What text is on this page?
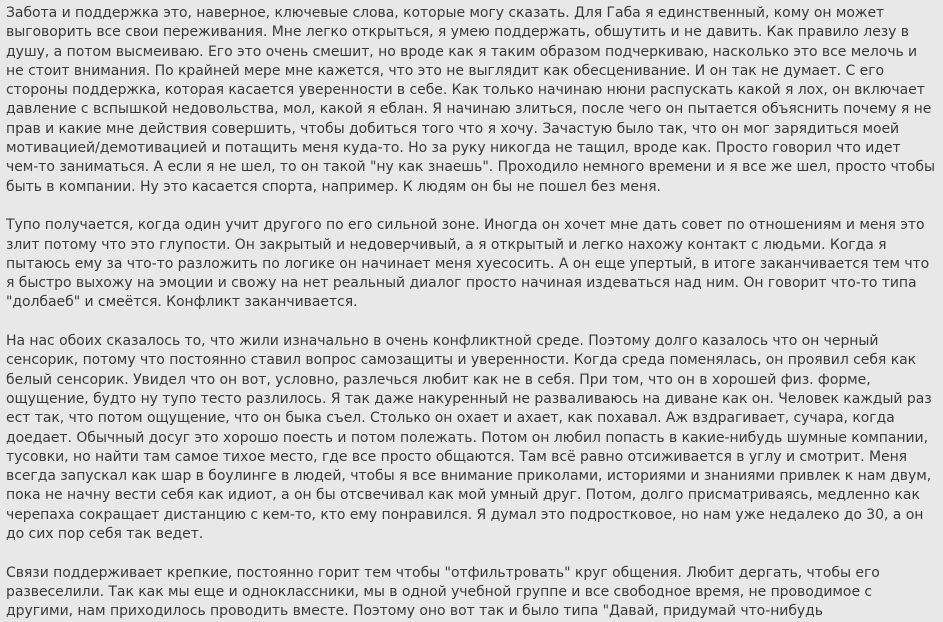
Забота и поддержка это, наверное, ключевые слова, которые могу сказать. Для Габа я единственный, кому он может выговорить все свои переживания. Мне легко открыться, я умею поддержать, обшутить и не давить. Как правило лезу в душу, а потом высмеиваю. Его это очень смешит, но вроде как я таким образом подчеркиваю, насколько это все мелочь и не стоит внимания. По крайней мере мне кажется, что это не выглядит как обесценивание. И он так не думает. С его стороны поддержка, которая касается уверенности в себе. Как только начинаю нюни распускать какой я лох, он включает давление с вспышкой недовольства, мол, какой я еблан. Я начинаю злиться, после чего он пытается объяснить почему я не прав и какие мне действия совершить, чтобы добиться того что я хочу. Зачастую было так, что он мог зарядиться моей мотивацией/демотивацией и потащить меня куда-то. Но за руку никогда не тащил, вроде как. Просто говорил что идет чем-то заниматься. А если я не шел, то он такой "ну как знаешь". Проходило немного времени и я все же шел, просто чтобы быть в компании. Ну это касается спорта, например. К людям он бы не пошел без меня.
Тупо получается, когда один учит другого по его сильной зоне. Иногда он хочет мне дать совет по отношениям и меня это злит потому что это глупости. Он закрытый и недоверчивый, а я открытый и легко нахожу контакт с людьми. Когда я пытаюсь ему за что-то разложить по логике он начинает меня хуесосить. А он еще упертый, в итоге заканчивается тем что я быстро выхожу на эмоции и свожу на нет реальный диалог просто начиная издеваться над ним. Он говорит что-то типа "долбаеб" и смеётся. Конфликт заканчивается.
На нас обоих сказалось то, что жили изначально в очень конфликтной среде. Поэтому долго казалось что он черный сенсорик, потому что постоянно ставил вопрос самозащиты и уверенности. Когда среда поменялась, он проявил себя как белый сенсорик. Увидел что он вот, условно, разлечься любит как не в себя. При том, что он в хорошей физ. форме, ощущение, будто ну тупо тесто разлилось. Я так даже накуренный не разваливаюсь на диване как он. Человек каждый раз ест так, что потом ощущение, что он быка съел. Столько он охает и ахает, как похавал. Аж вздрагивает, сучара, когда доедает. Обычный досуг это хорошо поесть и потом полежать. Потом он любил попасть в какие-нибудь шумные компании, тусовки, но найти там самое тихое место, где все просто общаются. Там всё равно отсиживается в углу и смотрит. Меня всегда запускал как шар в боулинге в людей, чтобы я все внимание приколами, историями и знаниями привлек к нам двум, пока не начну вести себя как идиот, а он бы отсвечивал как мой умный друг. Потом, долго присматриваясь, медленно как черепаха сокращает дистанцию с кем-то, кто ему понравился. Я думал это подростковое, но нам уже недалеко до 30, а он до сих пор себя так ведет.
Связи поддерживает крепкие, постоянно горит тем чтобы "отфильтровать" круг общения. Любит дергать, чтобы его развеселили. Так как мы еще и одноклассники, мы в одной учебной группе и все свободное время, не проводимое с другими, нам приходилось проводить вместе. Поэтому оно вот так и было типа "Давай, придумай что-нибудь
